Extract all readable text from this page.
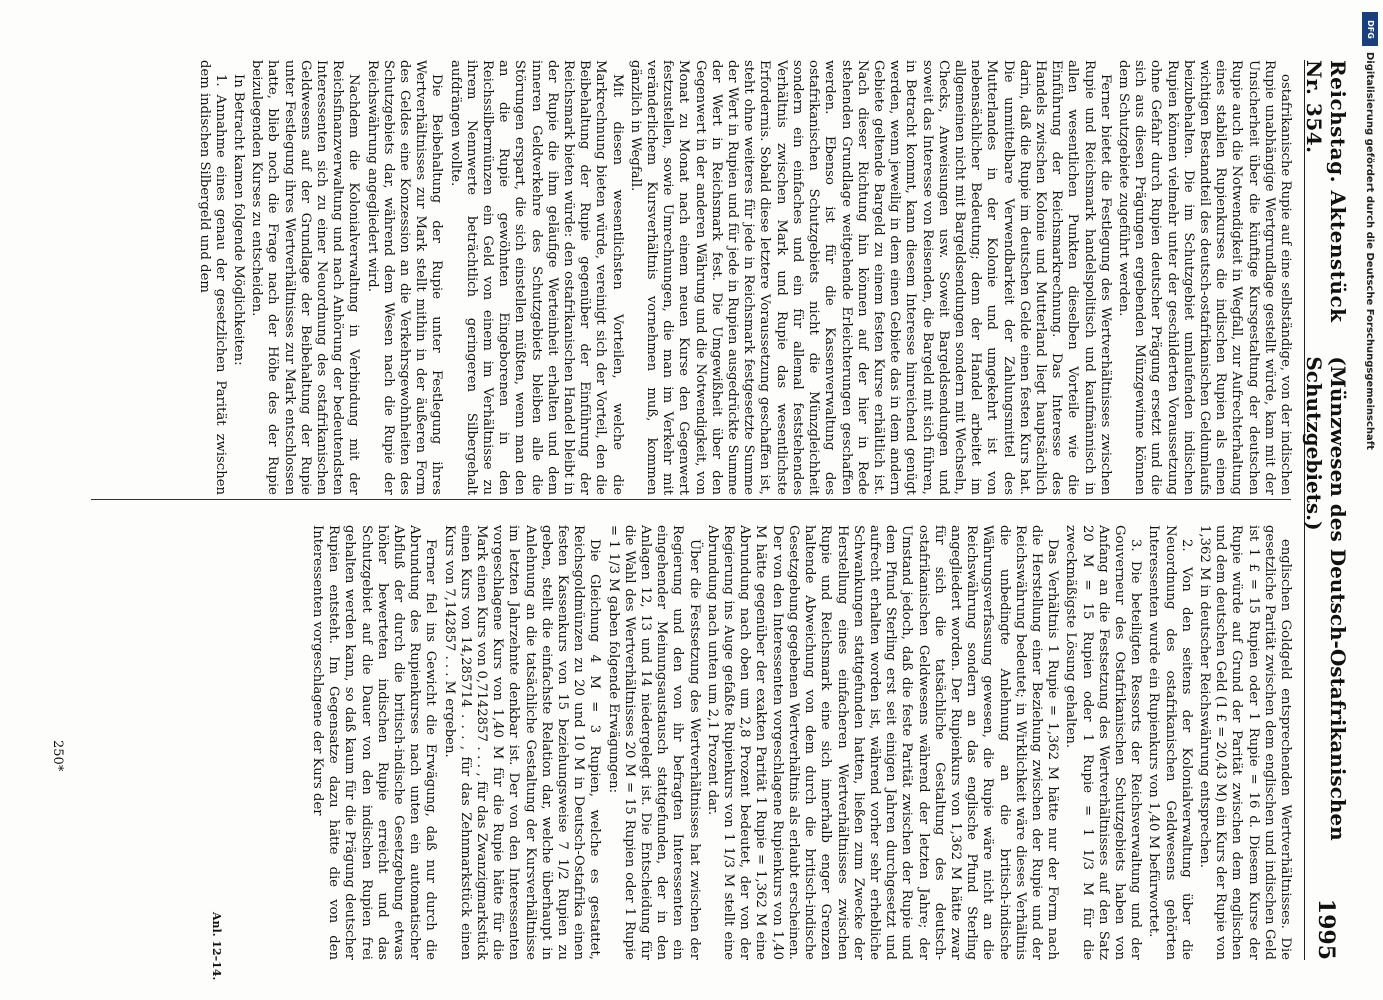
Reichstag. Aktenstück Nr. 354.
(Münzwesen des Deutsch-Ostafrikanischen Schutzgebiets.)
1995

ostafrikanische Rupie auf eine selbständige, von der indischen Rupie unabhängige Wertgrundlage gestellt würde, kam mit der Unsicherheit über die künftige Kursgestaltung der deutschen Rupie auch die Notwendigkeit in Wegfall, zur Aufrechterhaltung eines stabilen Rupienkurses die indischen Rupien als einen wichtigen Bestandteil des deutsch-ostafrikanischen Geldumlaufs beizubehalten. Die im Schutzgebiet umlaufenden indischen Rupien können vielmehr unter der geschilderten Voraussetzung ohne Gefahr durch Rupien deutscher Prägung ersetzt und die sich aus diesen Prägungen ergebenden Münzgewinne können dem Schutzgebiete zugeführt werden.

Ferner bietet die Festlegung des Wertverhältnisses zwischen Rupie und Reichsmark handelspolitisch und kaufmännisch in allen wesentlichen Punkten dieselben Vorteile wie die Einführung der Reichsmarkrechnung. Das Interesse des Handels zwischen Kolonie und Mutterland liegt hauptsächlich darin, daß die Rupie im deutschen Gelde einen festen Kurs hat. Die unmittelbare Verwendbarkeit der Zahlungsmittel des Mutterlandes in der Kolonie und umgekehrt ist von nebensächlicher Bedeutung; denn der Handel arbeitet im allgemeinen nicht mit Bargeldsendungen sondern mit Wechseln, Checks, Anweisungen usw. Soweit Bargeldsendungen und soweit das Interesse von Reisenden, die Bargeld mit sich führen, in Betracht kommt, kann diesem Interesse hinreichend genügt werden, wenn jeweilig in dem einen Gebiete das in dem andern Gebiete geltende Bargeld zu einem festen Kurse erhältlich ist. Nach dieser Richtung hin können auf der hier in Rede stehenden Grundlage weitgehende Erleichterungen geschaffen werden. Ebenso ist für die Kassenverwaltung des ostafrikanischen Schutzgebiets nicht die Münzgleichheit sondern ein einfaches und ein für allemal feststehendes Verhältnis zwischen Mark und Rupie das wesentlichste Erfordernis. Sobald diese letztere Voraussetzung geschaffen ist, steht ohne weiteres für jede in Reichsmark festgesetzte Summe der Wert in Rupien und für jede in Rupien ausgedrückte Summe der Wert in Reichsmark fest. Die Umgewißheit über den Gegenwert in der anderen Währung und die Notwendigkeit, von Monat zu Monat nach einem neuen Kurse den Gegenwert festzustellen, sowie Umrechnungen, die man im Verkehr mit veränderlichem Kursverhältnis vornehmen muß, kommen gänzlich in Wegfall.

Mit diesen wesentlichsten Vorteilen, welche die Markrechnung bieten würde, vereinigt sich der Vorteil, den die Beibehaltung der Rupie gegenüber der Einführung der Reichsmark bieten würde: den ostafrikanischen Handel bleibt in der Rupie die ihm geläufige Werteinheit erhalten und dem inneren Geldverkehre des Schutzgebiets bleiben alle die Störungen erspart, die sich einstellen müßten, wenn man den an die Rupie gewöhnten Eingeborenen in den Reichssilbermünzen ein Geld von einem im Verhältnisse zu ihrem Nennwerte beträchtlich geringeren Silbergehalt aufdrängen wollte.

Die Beibehaltung der Rupie unter Festlegung ihres Wertverhältnisses zur Mark stellt mithin in der äußeren Form des Geldes eine Konzession an die Verkehrsgewohnheiten des Schutzgebiets dar, während dem Wesen nach die Rupie der Reichswährung angegliedert wird.

Nachdem die Kolonialverwaltung in Verbindung mit der Reichsfinanzverwaltung und nach Anhörung der bedeutendsten Interessenten sich zu einer Neuordnung des ostafrikanischen Geldwesens auf der Grundlage der Beibehaltung der Rupie unter Festlegung ihres Wertverhältnisses zur Mark entschlossen hatte, blieb noch die Frage nach der Höhe des der Rupie beizulegenden Kurses zu entscheiden.

In Betracht kamen folgende Möglichkeiten:

1. Annahme eines genau der gesetzlichen Parität zwischen dem indischen Silbergeld und dem

englischen Goldgeld entsprechenden Wertverhältnisses. Die gesetzliche Parität zwischen dem englischen und indischen Geld ist 1 £ = 15 Rupien oder 1 Rupie = 16 d. Diesem Kurse der Rupie würde auf Grund der Parität zwischen dem englischen und dem deutschen Geld (1 £ = 20,43 M) ein Kurs der Rupie von 1,362 M in deutscher Reichswährung entsprechen.

2. Von den seitens der Kolonialverwaltung über die Neuordnung des ostafrikanischen Geldwesens gehörten Interessenten wurde ein Rupienkurs von 1,40 M befürwortet.

3. Die beteiligten Ressorts der Reichsverwaltung und der Gouverneur des Ostafrikanischen Schutzgebiets haben von Anfang an die Festsetzung des Wertverhältnisses auf den Satz 20 M = 15 Rupien oder 1 Rupie = 1 1/3 M für die zweckmäßigste Lösung gehalten.

Das Verhältnis 1 Rupie = 1,362 M hätte nur der Form nach die Herstellung einer Beziehung zwischen der Rupie und der Reichswährung bedeutet; in Wirklichkeit wäre dieses Verhältnis die unbedingte Anlehnung an die britisch-indische Währungsverfassung gewesen, die Rupie wäre nicht an die Reichswährung sondern an das englische Pfund Sterling angegliedert worden. Der Rupienkurs von 1,362 M hätte zwar für sich die tatsächliche Gestaltung des deutsch-ostafrikanischen Geldwesens während der letzten Jahre; der Umstand jedoch, daß die feste Parität zwischen der Rupie und dem Pfund Sterling erst seit einigen Jahren durchgesetzt und aufrecht erhalten worden ist, während vorher sehr erhebliche Schwankungen stattgefunden hatten, ließen zum Zwecke der Herstellung eines einfacheren Wertverhältnisses zwischen Rupie und Reichsmark eine sich innerhalb enger Grenzen haltende Abweichung von dem durch die britisch-indische Gesetzgebung gegebenen Wertverhältnis als erlaubt erscheinen. Der von den Interessenten vorgeschlagene Rupienkurs von 1,40 M hätte gegenüber der exakten Parität 1 Rupie = 1,362 M eine Abrundung nach oben um 2,8 Prozent bedeutet, der von der Regierung ins Auge gefaßte Rupienkurs von 1 1/3 M stellt eine Abrundung nach unten um 2,1 Prozent dar.

Über die Festsetzung des Wertverhältnisses hat zwischen der Regierung und den von ihr befragten Interessenten ein eingehender Meinungsaustausch stattgefunden, der in den Anlagen 12, 13 und 14 niedergelegt ist. Die Entscheidung für die Wahl des Wertverhältnisses 20 M = 15 Rupien oder 1 Rupie = 1 1/3 M gaben folgende Erwägungen:

Die Gleichung 4 M = 3 Rupien, welche es gestattet, Reichsgoldmünzen zu 20 und 10 M in Deutsch-Ostafrika einen festen Kassenkurs von 15 beziehungsweise 7 1/2 Rupien zu geben, stellt die einfachste Relation dar, welche überhaupt in Anlehnung an die tatsächliche Gestaltung der Kursverhältnisse im letzten Jahrzehnte denkbar ist. Der von den Interessenten vorgeschlagene Kurs von 1,40 M für die Rupie hätte für die Mark einen Kurs von 0,7142857 . . . , für das Zwanzigmarkstück einen Kurs von 14,285714 . . . , für das Zehnmarkstück einen Kurs von 7,142857 . . . M ergeben.

Ferner fiel ins Gewicht die Erwägung, daß nur durch die Abrundung des Rupienkurses nach unten ein automatischer Abfluß der durch die britisch-indische Gesetzgebung etwas höher bewerteten indischen Rupie erreicht und das Schutzgebiet auf die Dauer von den indischen Rupien frei gehalten werden kann, so daß kaum für die Prägung deutscher Rupien entsteht. Im Gegensatze dazu hätte die von den Interessenten vorgeschlagene der Kurs der

Anl. 12–14.
250*
DFG
Digitalisierung gefördert durch die Deutsche Forschungsgemeinschaft
